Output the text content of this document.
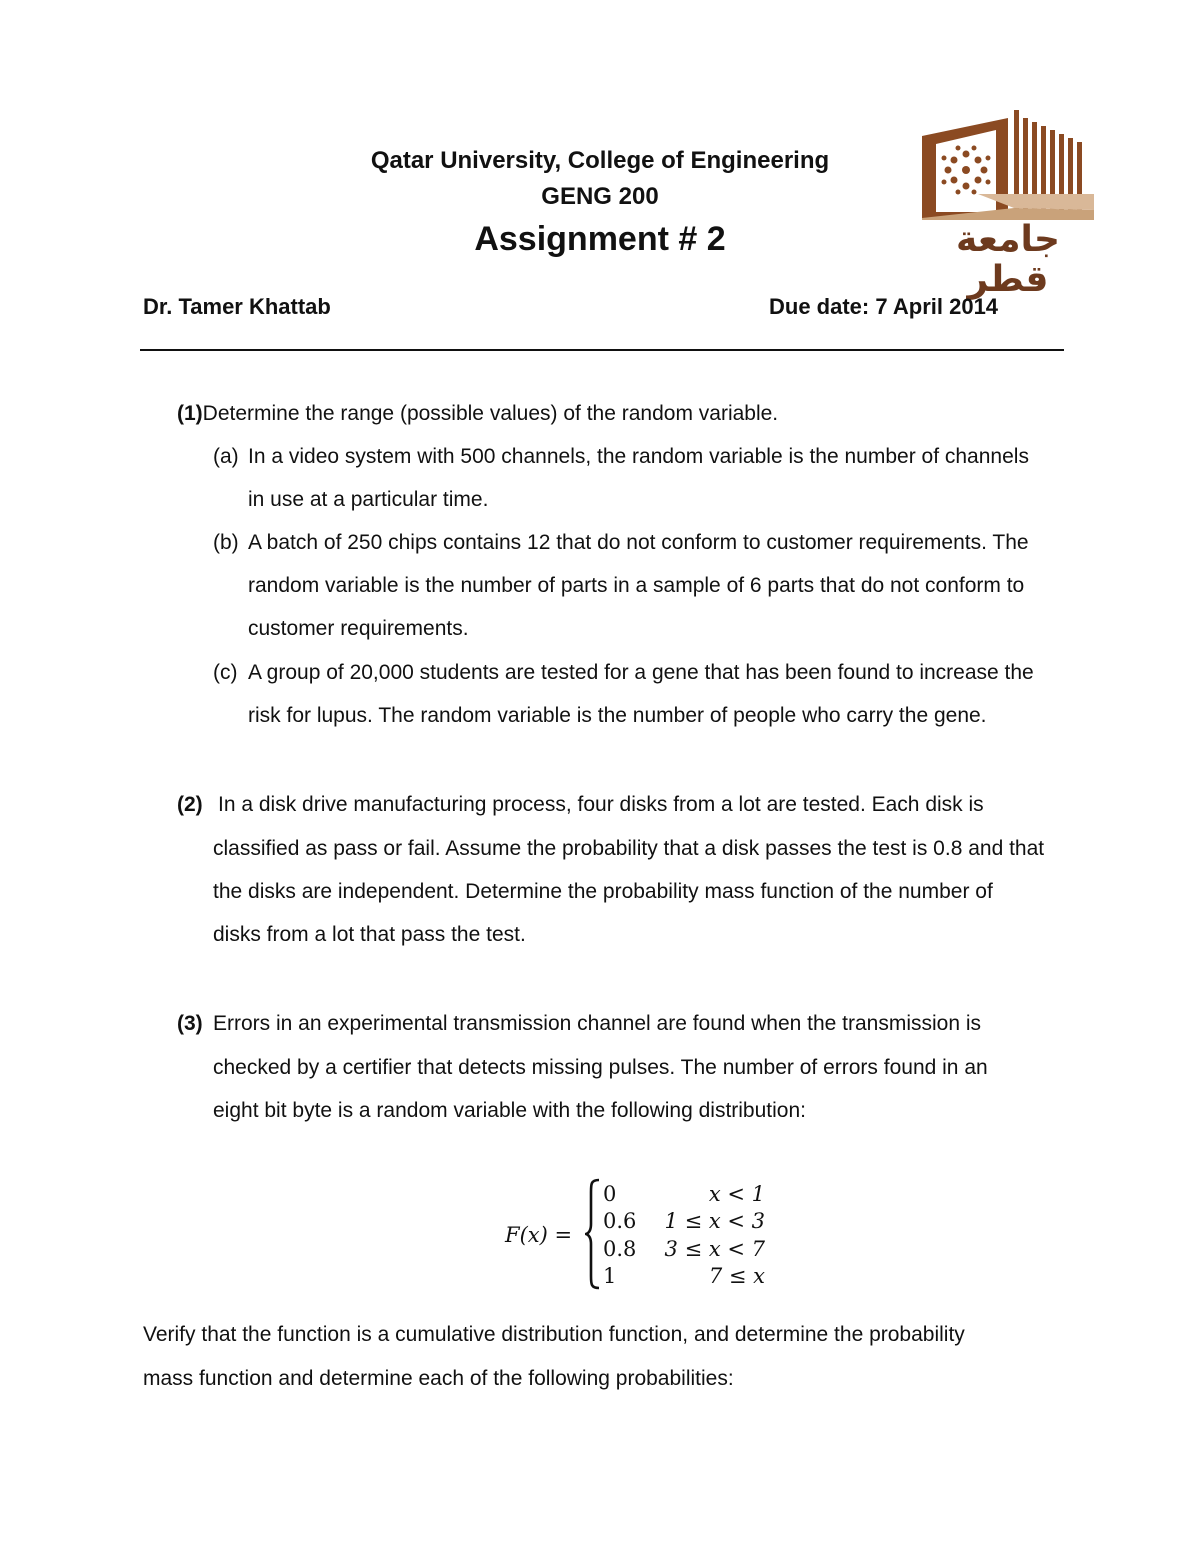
Qatar University, College of Engineering
GENG 200
Assignment # 2	جامعة قطر
Dr. Tamer Khattab	Due date: 7 April 2014
(1)Determine the range (possible values) of the random variable.
(a) In a video system with 500 channels, the random variable is the number of channels
in use at a particular time.
(b) A batch of 250 chips contains 12 that do not conform to customer requirements. The
random variable is the number of parts in a sample of 6 parts that do not conform to
customer requirements.
(c) A group of 20,000 students are tested for a gene that has been found to increase the
risk for lupus. The random variable is the number of people who carry the gene.
(2) In a disk drive manufacturing process, four disks from a lot are tested. Each disk is
classified as pass or fail. Assume the probability that a disk passes the test is 0.8 and that
the disks are independent. Determine the probability mass function of the number of
disks from a lot that pass the test.
(3) Errors in an experimental transmission channel are found when the transmission is
checked by a certifier that detects missing pulses. The number of errors found in an
eight bit byte is a random variable with the following distribution:
F(x) =
0	x < 1
0.6	1 ≤ x < 3
0.8	3 ≤ x < 7
1	7 ≤ x
Verify that the function is a cumulative distribution function, and determine the probability
mass function and determine each of the following probabilities:
